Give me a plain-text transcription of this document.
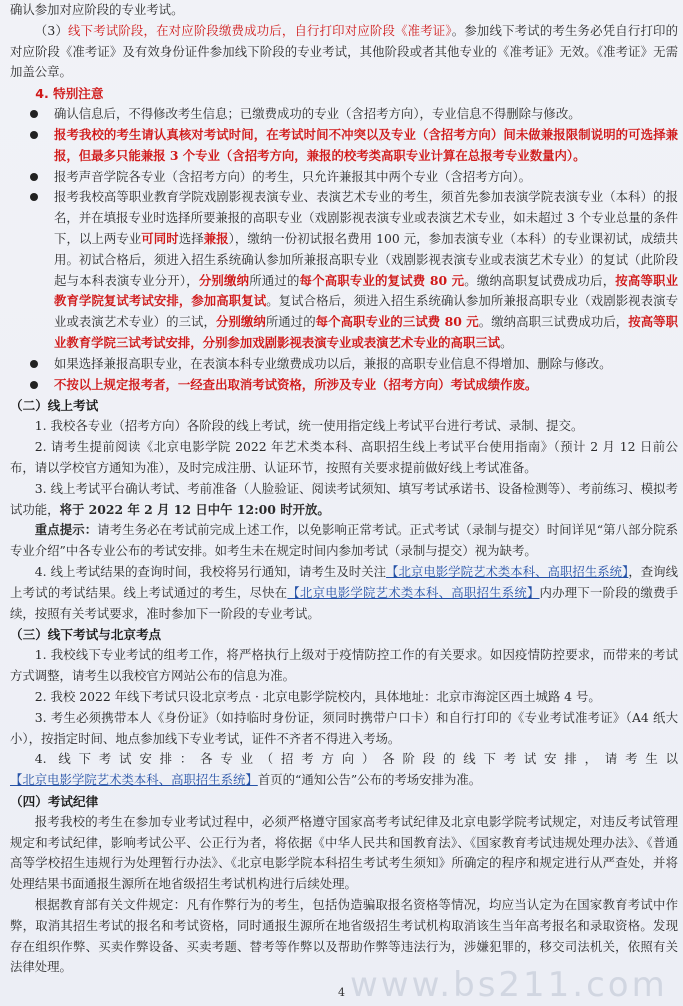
www.bs211.com

确认参加对应阶段的专业考试。

（3）线下考试阶段，在对应阶段缴费成功后，自行打印对应阶段《准考证》。参加线下考试的考生务必凭自行打印的对应阶段《准考证》及有效身份证件参加线下阶段的专业考试，其他阶段或者其他专业的《准考证》无效。《准考证》无需加盖公章。

4. 特别注意

确认信息后，不得修改考生信息；已缴费成功的专业（含招考方向），专业信息不得删除与修改。
报考我校的考生请认真核对考试时间，在考试时间不冲突以及专业（含招考方向）间未做兼报限制说明的可选择兼报，但最多只能兼报 3 个专业（含招考方向，兼报的校考类高职专业计算在总报考专业数量内）。
报考声音学院各专业（含招考方向）的考生，只允许兼报其中两个专业（含招考方向）。
报考我校高等职业教育学院戏剧影视表演专业、表演艺术专业的考生，须首先参加表演学院表演专业（本科）的报名，并在填报专业时选择所要兼报的高职专业（戏剧影视表演专业或表演艺术专业，如未超过 3 个专业总量的条件下，以上两专业可同时选择兼报），缴纳一份初试报名费用 100 元，参加表演专业（本科）的专业课初试，成绩共用。初试合格后，须进入招生系统确认参加所兼报高职专业（戏剧影视表演专业或表演艺术专业）的复试（此阶段起与本科表演专业分开），分别缴纳所通过的每个高职专业的复试费 80 元。缴纳高职复试费成功后，按高等职业教育学院复试考试安排，参加高职复试。复试合格后，须进入招生系统确认参加所兼报高职专业（戏剧影视表演专业或表演艺术专业）的三试，分别缴纳所通过的每个高职专业的三试费 80 元。缴纳高职三试费成功后，按高等职业教育学院三试考试安排，分别参加戏剧影视表演专业或表演艺术专业的高职三试。
如果选择兼报高职专业，在表演本科专业缴费成功以后，兼报的高职专业信息不得增加、删除与修改。
不按以上规定报考者，一经查出取消考试资格，所涉及专业（招考方向）考试成绩作废。

（二）线上考试

1. 我校各专业（招考方向）各阶段的线上考试，统一使用指定线上考试平台进行考试、录制、提交。

2. 请考生提前阅读《北京电影学院 2022 年艺术类本科、高职招生线上考试平台使用指南》（预计 2 月 12 日前公布，请以学校官方通知为准），及时完成注册、认证环节，按照有关要求提前做好线上考试准备。

3. 线上考试平台确认考试、考前准备（人脸验证、阅读考试须知、填写考试承诺书、设备检测等）、考前练习、模拟考试功能，将于 2022 年 2 月 12 日中午 12:00 时开放。

重点提示：请考生务必在考试前完成上述工作，以免影响正常考试。正式考试（录制与提交）时间详见“第八部分院系专业介绍”中各专业公布的考试安排。如考生未在规定时间内参加考试（录制与提交）视为缺考。

4. 线上考试结果的查询时间，我校将另行通知，请考生及时关注【北京电影学院艺术类本科、高职招生系统】，查询线上考试的考试结果。线上考试通过的考生，尽快在【北京电影学院艺术类本科、高职招生系统】内办理下一阶段的缴费手续，按照有关考试要求，准时参加下一阶段的专业考试。

（三）线下考试与北京考点

1. 我校线下专业考试的组考工作，将严格执行上级对于疫情防控工作的有关要求。如因疫情防控要求，而带来的考试方式调整，请考生以我校官方网站公布的信息为准。

2. 我校 2022 年线下考试只设北京考点 · 北京电影学院校内，具体地址：北京市海淀区西土城路 4 号。

3. 考生必须携带本人《身份证》（如持临时身份证，须同时携带户口卡）和自行打印的《专业考试准考证》（A4 纸大小），按指定时间、地点参加线下专业考试，证件不齐者不得进入考场。

4. 线下考试安排：各专业（招考方向）各阶段的线下考试安排，请考生以【北京电影学院艺术类本科、高职招生系统】首页的“通知公告”公布的考场安排为准。

（四）考试纪律

报考我校的考生在参加专业考试过程中，必须严格遵守国家高考考试纪律及北京电影学院考试规定，对违反考试管理规定和考试纪律，影响考试公平、公正行为者，将依据《中华人民共和国教育法》、《国家教育考试违规处理办法》、《普通高等学校招生违规行为处理暂行办法》、《北京电影学院本科招生考试考生须知》所确定的程序和规定进行从严查处，并将处理结果书面通报生源所在地省级招生考试机构进行后续处理。

根据教育部有关文件规定：凡有作弊行为的考生，包括伪造骗取报名资格等情况，均应当认定为在国家教育考试中作弊，取消其招生考试的报名和考试资格，同时通报生源所在地省级招生考试机构取消该生当年高考报名和录取资格。发现存在组织作弊、买卖作弊设备、买卖考题、替考等作弊以及帮助作弊等违法行为，涉嫌犯罪的，移交司法机关，依照有关法律处理。

4
